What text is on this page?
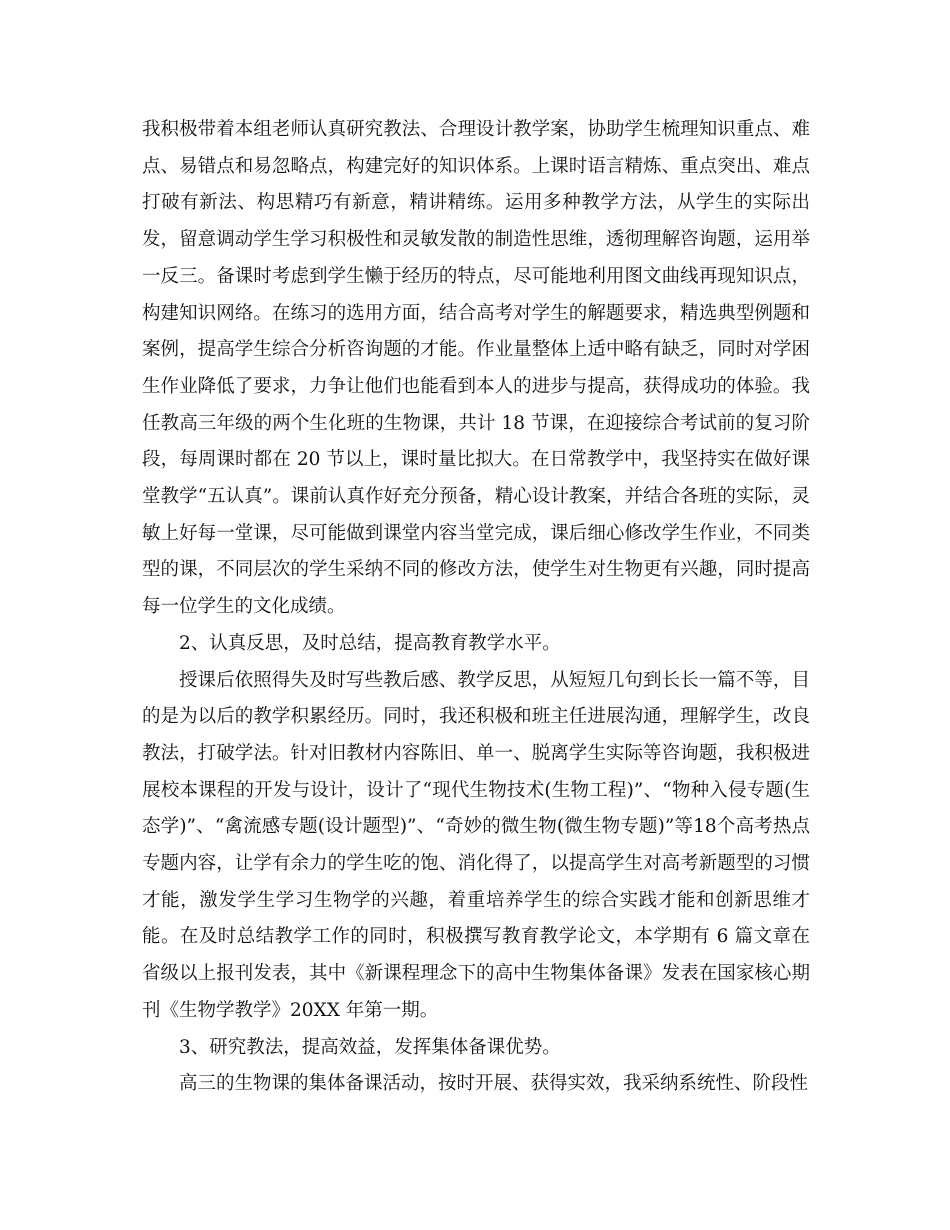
我积极带着本组老师认真研究教法、合理设计教学案，协助学生梳理知识重点、难点、易错点和易忽略点，构建完好的知识体系。上课时语言精炼、重点突出、难点打破有新法、构思精巧有新意，精讲精练。运用多种教学方法，从学生的实际出发，留意调动学生学习积极性和灵敏发散的制造性思维，透彻理解咨询题，运用举一反三。备课时考虑到学生懒于经历的特点，尽可能地利用图文曲线再现知识点，构建知识网络。在练习的选用方面，结合高考对学生的解题要求，精选典型例题和案例，提高学生综合分析咨询题的才能。作业量整体上适中略有缺乏，同时对学困生作业降低了要求，力争让他们也能看到本人的进步与提高，获得成功的体验。我任教高三年级的两个生化班的生物课，共计 18 节课，在迎接综合考试前的复习阶段，每周课时都在 20 节以上，课时量比拟大。在日常教学中，我坚持实在做好课堂教学“五认真”。课前认真作好充分预备，精心设计教案，并结合各班的实际，灵敏上好每一堂课，尽可能做到课堂内容当堂完成，课后细心修改学生作业，不同类型的课，不同层次的学生采纳不同的修改方法，使学生对生物更有兴趣，同时提高每一位学生的文化成绩。

2、认真反思，及时总结，提高教育教学水平。

授课后依照得失及时写些教后感、教学反思，从短短几句到长长一篇不等，目的是为以后的教学积累经历。同时，我还积极和班主任进展沟通，理解学生，改良教法，打破学法。针对旧教材内容陈旧、单一、脱离学生实际等咨询题，我积极进展校本课程的开发与设计，设计了“现代生物技术(生物工程)”、“物种入侵专题(生态学)”、“禽流感专题(设计题型)”、“奇妙的微生物(微生物专题)”等18个高考热点专题内容，让学有余力的学生吃的饱、消化得了，以提高学生对高考新题型的习惯才能，激发学生学习生物学的兴趣，着重培养学生的综合实践才能和创新思维才能。在及时总结教学工作的同时，积极撰写教育教学论文，本学期有 6 篇文章在省级以上报刊发表，其中《新课程理念下的高中生物集体备课》发表在国家核心期刊《生物学教学》20XX 年第一期。

3、研究教法，提高效益，发挥集体备课优势。

高三的生物课的集体备课活动，按时开展、获得实效，我采纳系统性、阶段性
